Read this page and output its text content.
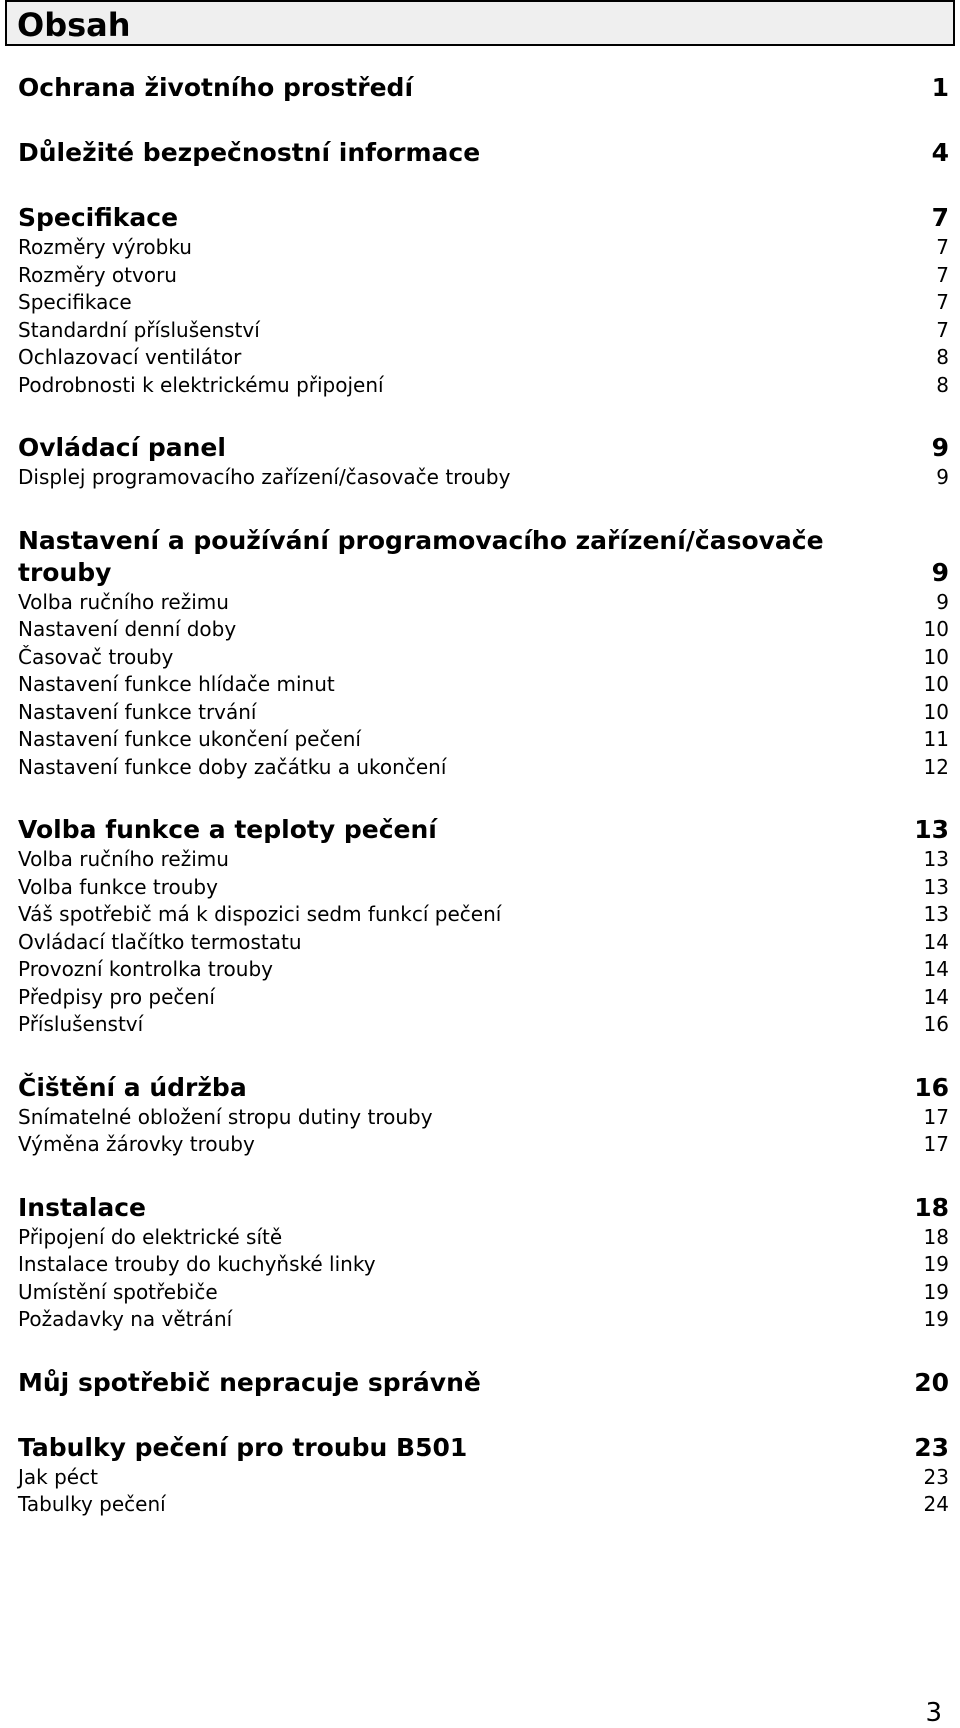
Obsah
Ochrana životního prostředí	1
Důležité bezpečnostní informace	4
Specifikace	7
Rozměry výrobku	7
Rozměry otvoru	7
Specifikace	7
Standardní příslušenství	7
Ochlazovací ventilátor	8
Podrobnosti k elektrickému připojení	8
Ovládací panel	9
Displej programovacího zařízení/časovače trouby	9
Nastavení a používání programovacího zařízení/časovače
trouby	9
Volba ručního režimu	9
Nastavení denní doby	10
Časovač trouby	10
Nastavení funkce hlídače minut	10
Nastavení funkce trvání	10
Nastavení funkce ukončení pečení	11
Nastavení funkce doby začátku a ukončení	12
Volba funkce a teploty pečení	13
Volba ručního režimu	13
Volba funkce trouby	13
Váš spotřebič má k dispozici sedm funkcí pečení	13
Ovládací tlačítko termostatu	14
Provozní kontrolka trouby	14
Předpisy pro pečení	14
Příslušenství	16
Čištění a údržba	16
Snímatelné obložení stropu dutiny trouby	17
Výměna žárovky trouby	17
Instalace	18
Připojení do elektrické sítě	18
Instalace trouby do kuchyňské linky	19
Umístění spotřebiče	19
Požadavky na větrání	19
Můj spotřebič nepracuje správně	20
Tabulky pečení pro troubu B501	23
Jak péct	23
Tabulky pečení	24
3
